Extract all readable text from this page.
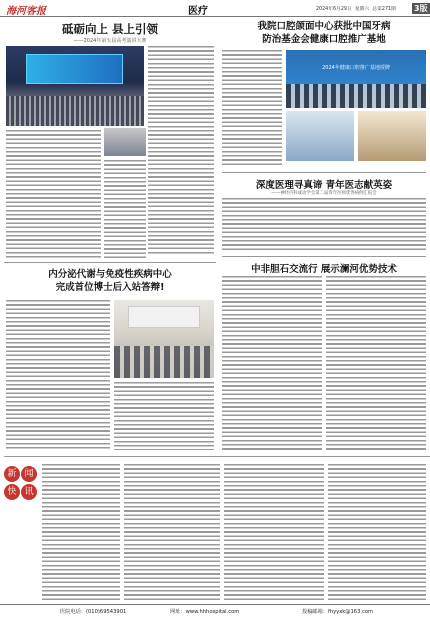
海河客报	医疗	2024年6月29日 星期六 总第271期 3版
砥砺向上 县上引领
——2024年第五届高考演讲大赛
内分泌代谢与免疫性疾病中心
完成首位博士后入站答辩!
我院口腔颌面中心获批中国牙病
防治基金会健康口腔推广基地
2024年健康口腔推广基地授牌
深度医理寻真谛 青年医志献英姿
——神经内科或动学会第二届青年医师优秀病例汇报会
中非胆石交流行 展示澜河优势技术
新 闻
快 讯
医院电话：(010)69543901	网址：www.hhhospital.com	投稿邮箱：fhyyxk@163.com
